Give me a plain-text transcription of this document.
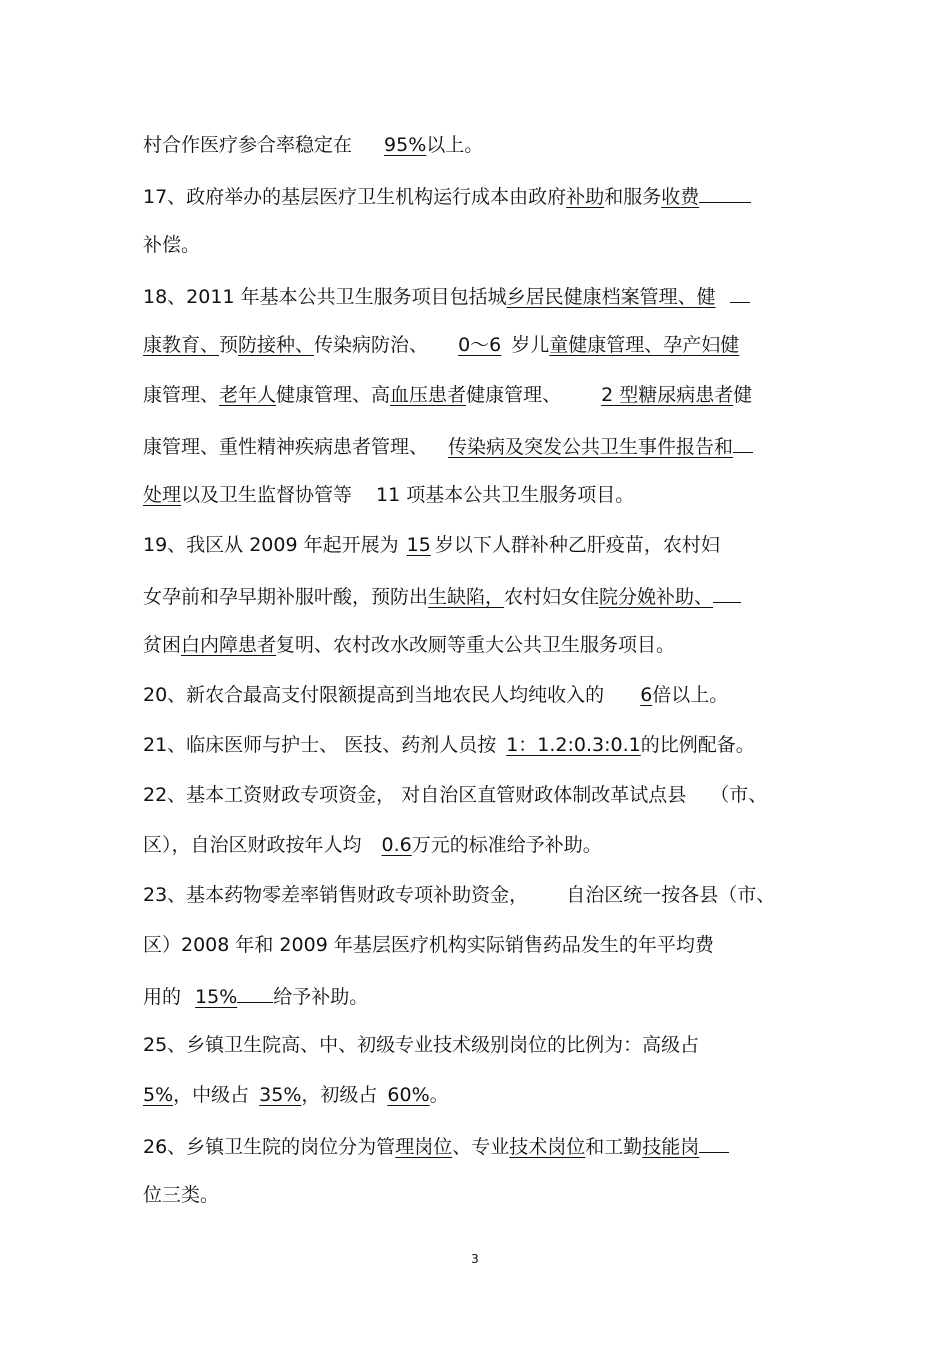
村合作医疗参合率稳定在 95%以上。
17、政府举办的基层医疗卫生机构运行成本由政府补助和服务收费
补偿。
18、2011 年基本公共卫生服务项目包括城乡居民健康档案管理、健
康教育、预防接种、传染病防治、 0～6 岁儿童健康管理、孕产妇健
康管理、老年人健康管理、高血压患者健康管理、 2 型糖尿病患者健
康管理、重性精神疾病患者管理、 传染病及突发公共卫生事件报告和
处理以及卫生监督协管等 11 项基本公共卫生服务项目。
19、我区从 2009 年起开展为 15 岁以下人群补种乙肝疫苗，农村妇
女孕前和孕早期补服叶酸，预防出生缺陷，农村妇女住院分娩补助、
贫困白内障患者复明、农村改水改厕等重大公共卫生服务项目。
20、新农合最高支付限额提高到当地农民人均纯收入的 6倍以上。
21、临床医师与护士、 医技、药剂人员按 1：1.2:0.3:0.1的比例配备。
22、基本工资财政专项资金， 对自治区直管财政体制改革试点县 （市、
区），自治区财政按年人均 0.6万元的标准给予补助。
23、基本药物零差率销售财政专项补助资金， 自治区统一按各县（市、
区）2008 年和 2009 年基层医疗机构实际销售药品发生的年平均费
用的 15% 给予补助。
25、乡镇卫生院高、中、初级专业技术级别岗位的比例为：高级占
5%，中级占 35%，初级占 60%。
26、乡镇卫生院的岗位分为管理岗位、专业技术岗位和工勤技能岗
位三类。
3
